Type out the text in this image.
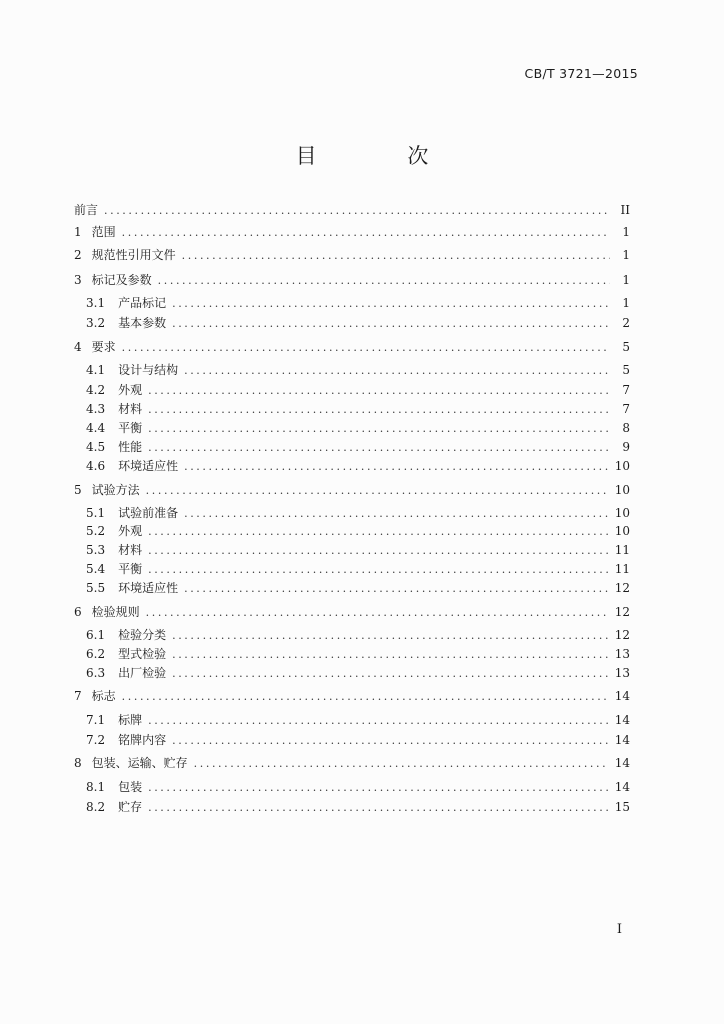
CB/T 3721—2015
目 次
前言 .....	II
1 范围 .....	1
2 规范性引用文件 .....	1
3 标记及参数 .....	1
3.1 产品标记 .....	1
3.2 基本参数 .....	2
4 要求 .....	5
4.1 设计与结构 .....	5
4.2 外观 .....	7
4.3 材料 .....	7
4.4 平衡 .....	8
4.5 性能 .....	9
4.6 环境适应性 .....	10
5 试验方法 .....	10
5.1 试验前准备 .....	10
5.2 外观 .....	10
5.3 材料 .....	11
5.4 平衡 .....	11
5.5 环境适应性 .....	12
6 检验规则 .....	12
6.1 检验分类 .....	12
6.2 型式检验 .....	13
6.3 出厂检验 .....	13
7 标志 .....	14
7.1 标牌 .....	14
7.2 铭牌内容 .....	14
8 包装、运输、贮存 .....	14
8.1 包装 .....	14
8.2 贮存 .....	15
I
